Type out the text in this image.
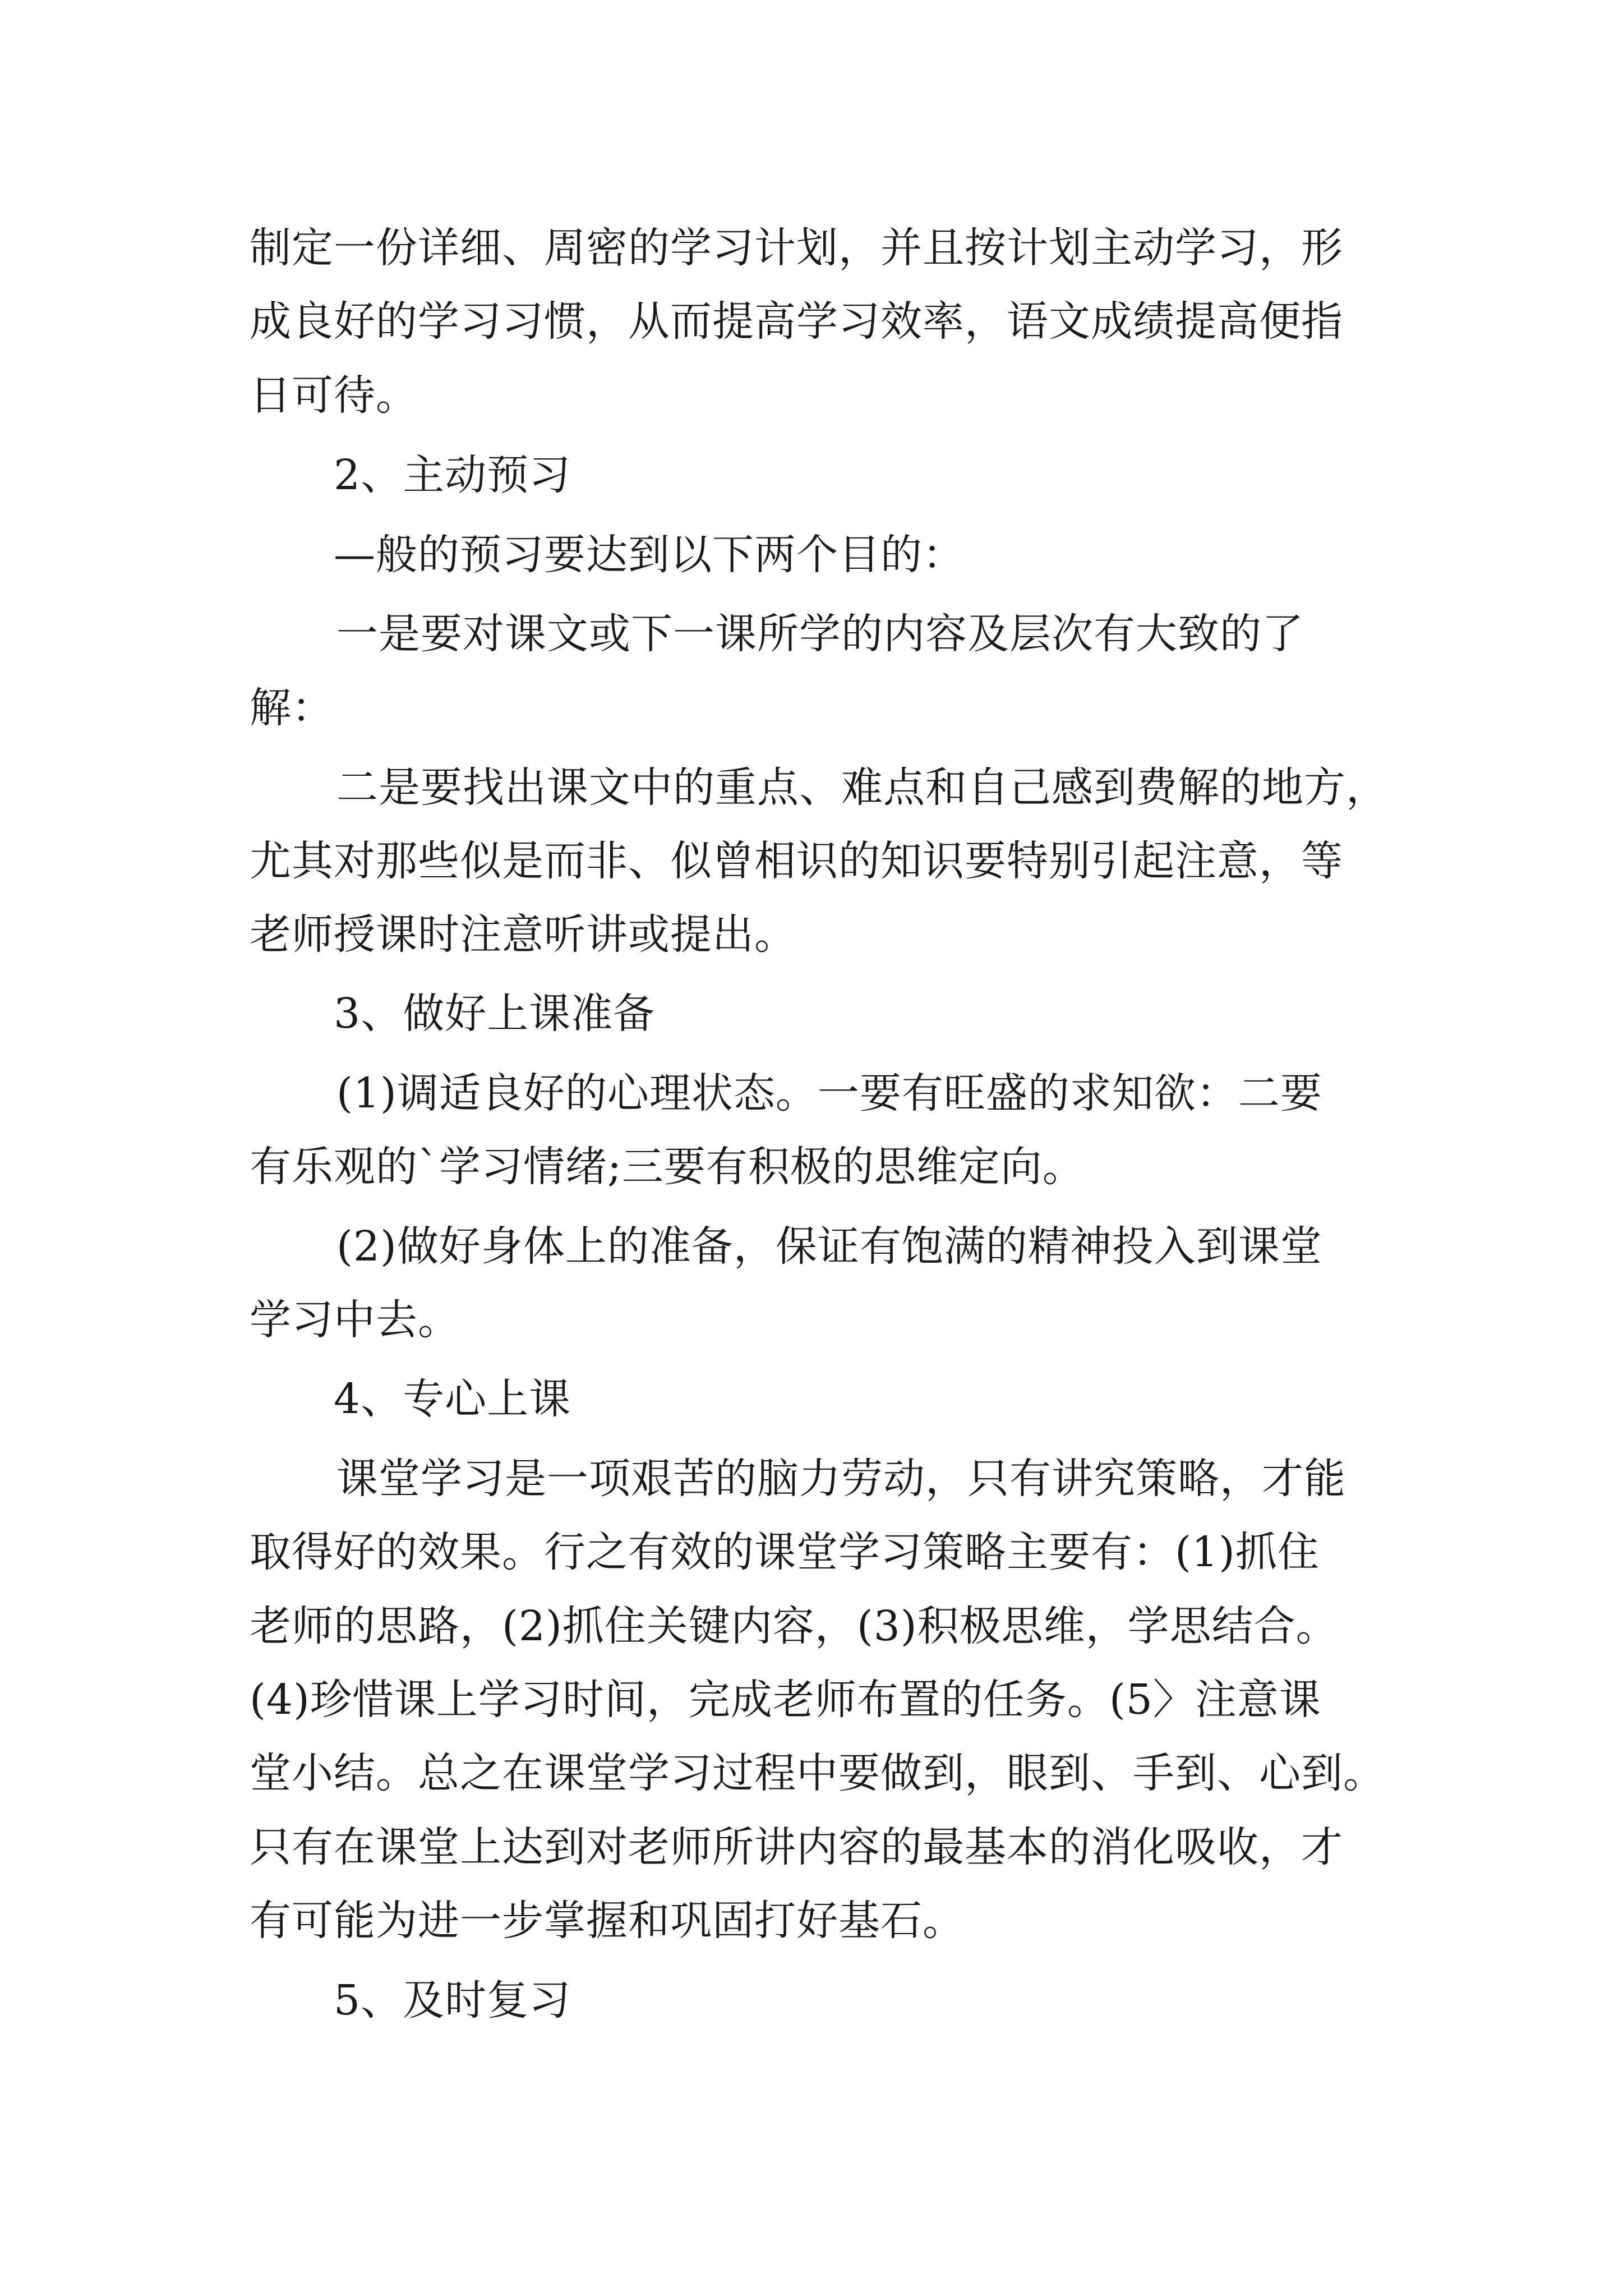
制定一份详细、周密的学习计划，并且按计划主动学习，形
成良好的学习习惯，从而提高学习效率，语文成绩提高便指
日可待。
2、主动预习
—般的预习要达到以下两个目的：
一是要对课文或下一课所学的内容及层次有大致的了
解：
二是要找出课文中的重点、难点和自己感到费解的地方，
尤其对那些似是而非、似曾相识的知识要特别引起注意，等
老师授课时注意听讲或提出。
3、做好上课准备
(1)调适良好的心理状态。一要有旺盛的求知欲：二要
有乐观的`学习情绪;三要有积极的思维定向。
(2)做好身体上的准备，保证有饱满的精神投入到课堂
学习中去。
4、专心上课
课堂学习是一项艰苦的脑力劳动，只有讲究策略，才能
取得好的效果。行之有效的课堂学习策略主要有：(1)抓住
老师的思路，(2)抓住关键内容，(3)积极思维，学思结合。
(4)珍惜课上学习时间，完成老师布置的任务。(5〉注意课
堂小结。总之在课堂学习过程中要做到，眼到、手到、心到。
只有在课堂上达到对老师所讲内容的最基本的消化吸收，才
有可能为进一步掌握和巩固打好基石。
5、及时复习
